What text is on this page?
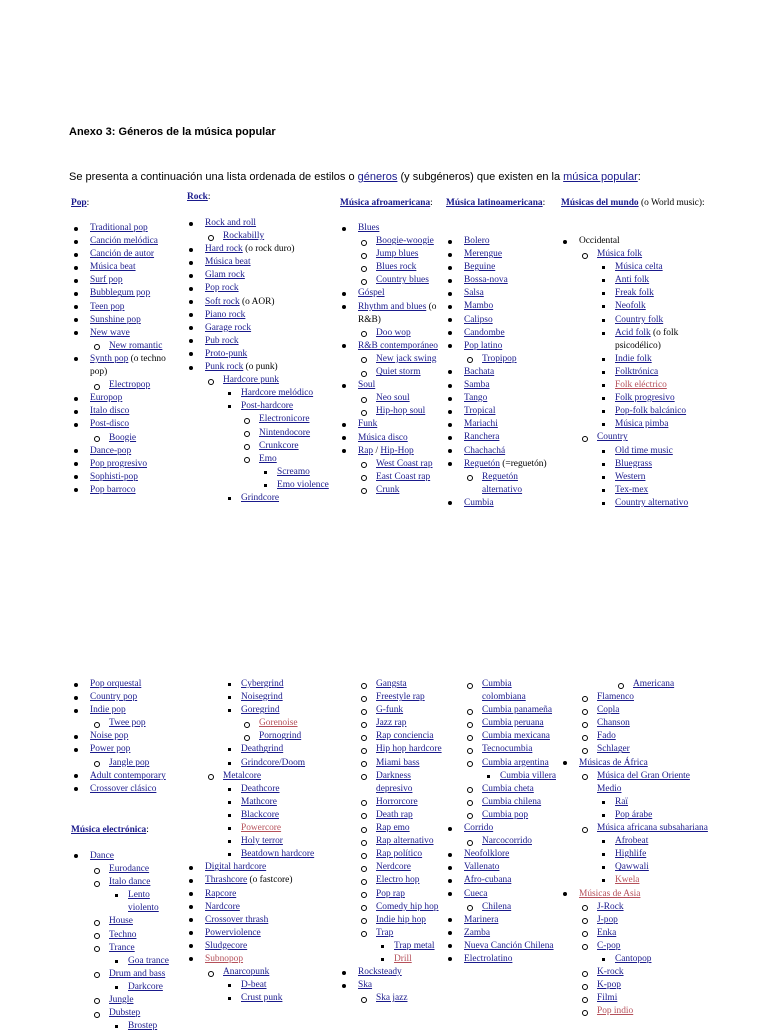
Anexo 3: Géneros de la música popular
Se presenta a continuación una lista ordenada de estilos o géneros (y subgéneros) que existen en la música popular:
Pop:
Traditional pop
Canción melódica
Canción de autor
Música beat
Surf pop
Bubblegum pop
Teen pop
Sunshine pop
New wave
New romantic
Synth pop (o techno pop)
Electropop
Europop
Italo disco
Post-disco
Boogie
Dance-pop
Pop progresivo
Sophisti-pop
Pop barroco
Rock:
Rock and roll
Rockabilly
Hard rock (o rock duro)
Música beat
Glam rock
Pop rock
Soft rock (o AOR)
Piano rock
Garage rock
Pub rock
Proto-punk
Punk rock (o punk)
Hardcore punk
Hardcore melódico
Post-hardcore
Electronicore
Nintendocore
Crunkcore
Emo
Screamo
Emo violence
Grindcore
Música afroamericana:
Blues
Boogie-woogie
Jump blues
Blues rock
Country blues
Góspel
Rhythm and blues (o R&B)
Doo wop
R&B contemporáneo
New jack swing
Quiet storm
Soul
Neo soul
Hip-hop soul
Funk
Música disco
Rap / Hip-Hop
West Coast rap
East Coast rap
Crunk
Música latinoamericana:
Bolero
Merengue
Beguine
Bossa-nova
Salsa
Mambo
Calipso
Candombe
Pop latino
Tropipop
Bachata
Samba
Tango
Tropical
Mariachi
Ranchera
Chachachá
Reguetón (=reguetón)
Reguetón alternativo
Cumbia
Músicas del mundo (o World music):
Occidental
Música folk
Música celta
Anti folk
Freak folk
Neofolk
Country folk
Acid folk (o folk psicodélico)
Indie folk
Folktrónica
Folk eléctrico
Folk progresivo
Pop-folk balcánico
Música pimba
Country
Old time music
Bluegrass
Western
Tex-mex
Country alternativo
Pop orquestal
Country pop
Indie pop
Twee pop
Noise pop
Power pop
Jangle pop
Adult contemporary
Crossover clásico
Música electrónica:
Dance
Eurodance
Italo dance
Lento violento
House
Techno
Trance
Goa trance
Drum and bass
Darkcore
Jungle
Dubstep
Brostep
Cybergrind
Noisegrind
Goregrind
Gorenoise
Pornogrind
Deathgrind
Grindcore/Doom
Metalcore
Deathcore
Mathcore
Blackcore
Powercore
Holy terror
Beatdown hardcore
Digital hardcore
Thrashcore (o fastcore)
Rapcore
Nardcore
Crossover thrash
Powerviolence
Sludgecore
Subnopop
Anarcopunk
D-beat
Crust punk
Gangsta
Freestyle rap
G-funk
Jazz rap
Rap conciencia
Hip hop hardcore
Miami bass
Darkness depresivo
Horrorcore
Death rap
Rap emo
Rap alternativo
Rap político
Nerdcore
Electro hop
Pop rap
Comedy hip hop
Indie hip hop
Trap
Trap metal
Drill
Rocksteady
Ska
Ska jazz
Cumbia colombiana
Cumbia panameña
Cumbia peruana
Cumbia mexicana
Tecnocumbia
Cumbia argentina
Cumbia villera
Cumbia cheta
Cumbia chilena
Cumbia pop
Corrido
Narcocorrido
Neofolklore
Vallenato
Afro-cubana
Cueca
Chilena
Marinera
Zamba
Nueva Canción Chilena
Electrolatino
Americana
Flamenco
Copla
Chanson
Fado
Schlager
Músicas de África
Música del Gran Oriente Medio
Raï
Pop árabe
Música africana subsahariana
Afrobeat
Highlife
Qawwali
Kwela
Músicas de Asia
J-Rock
J-pop
Enka
C-pop
Cantopop
K-rock
K-pop
Filmi
Pop indio
